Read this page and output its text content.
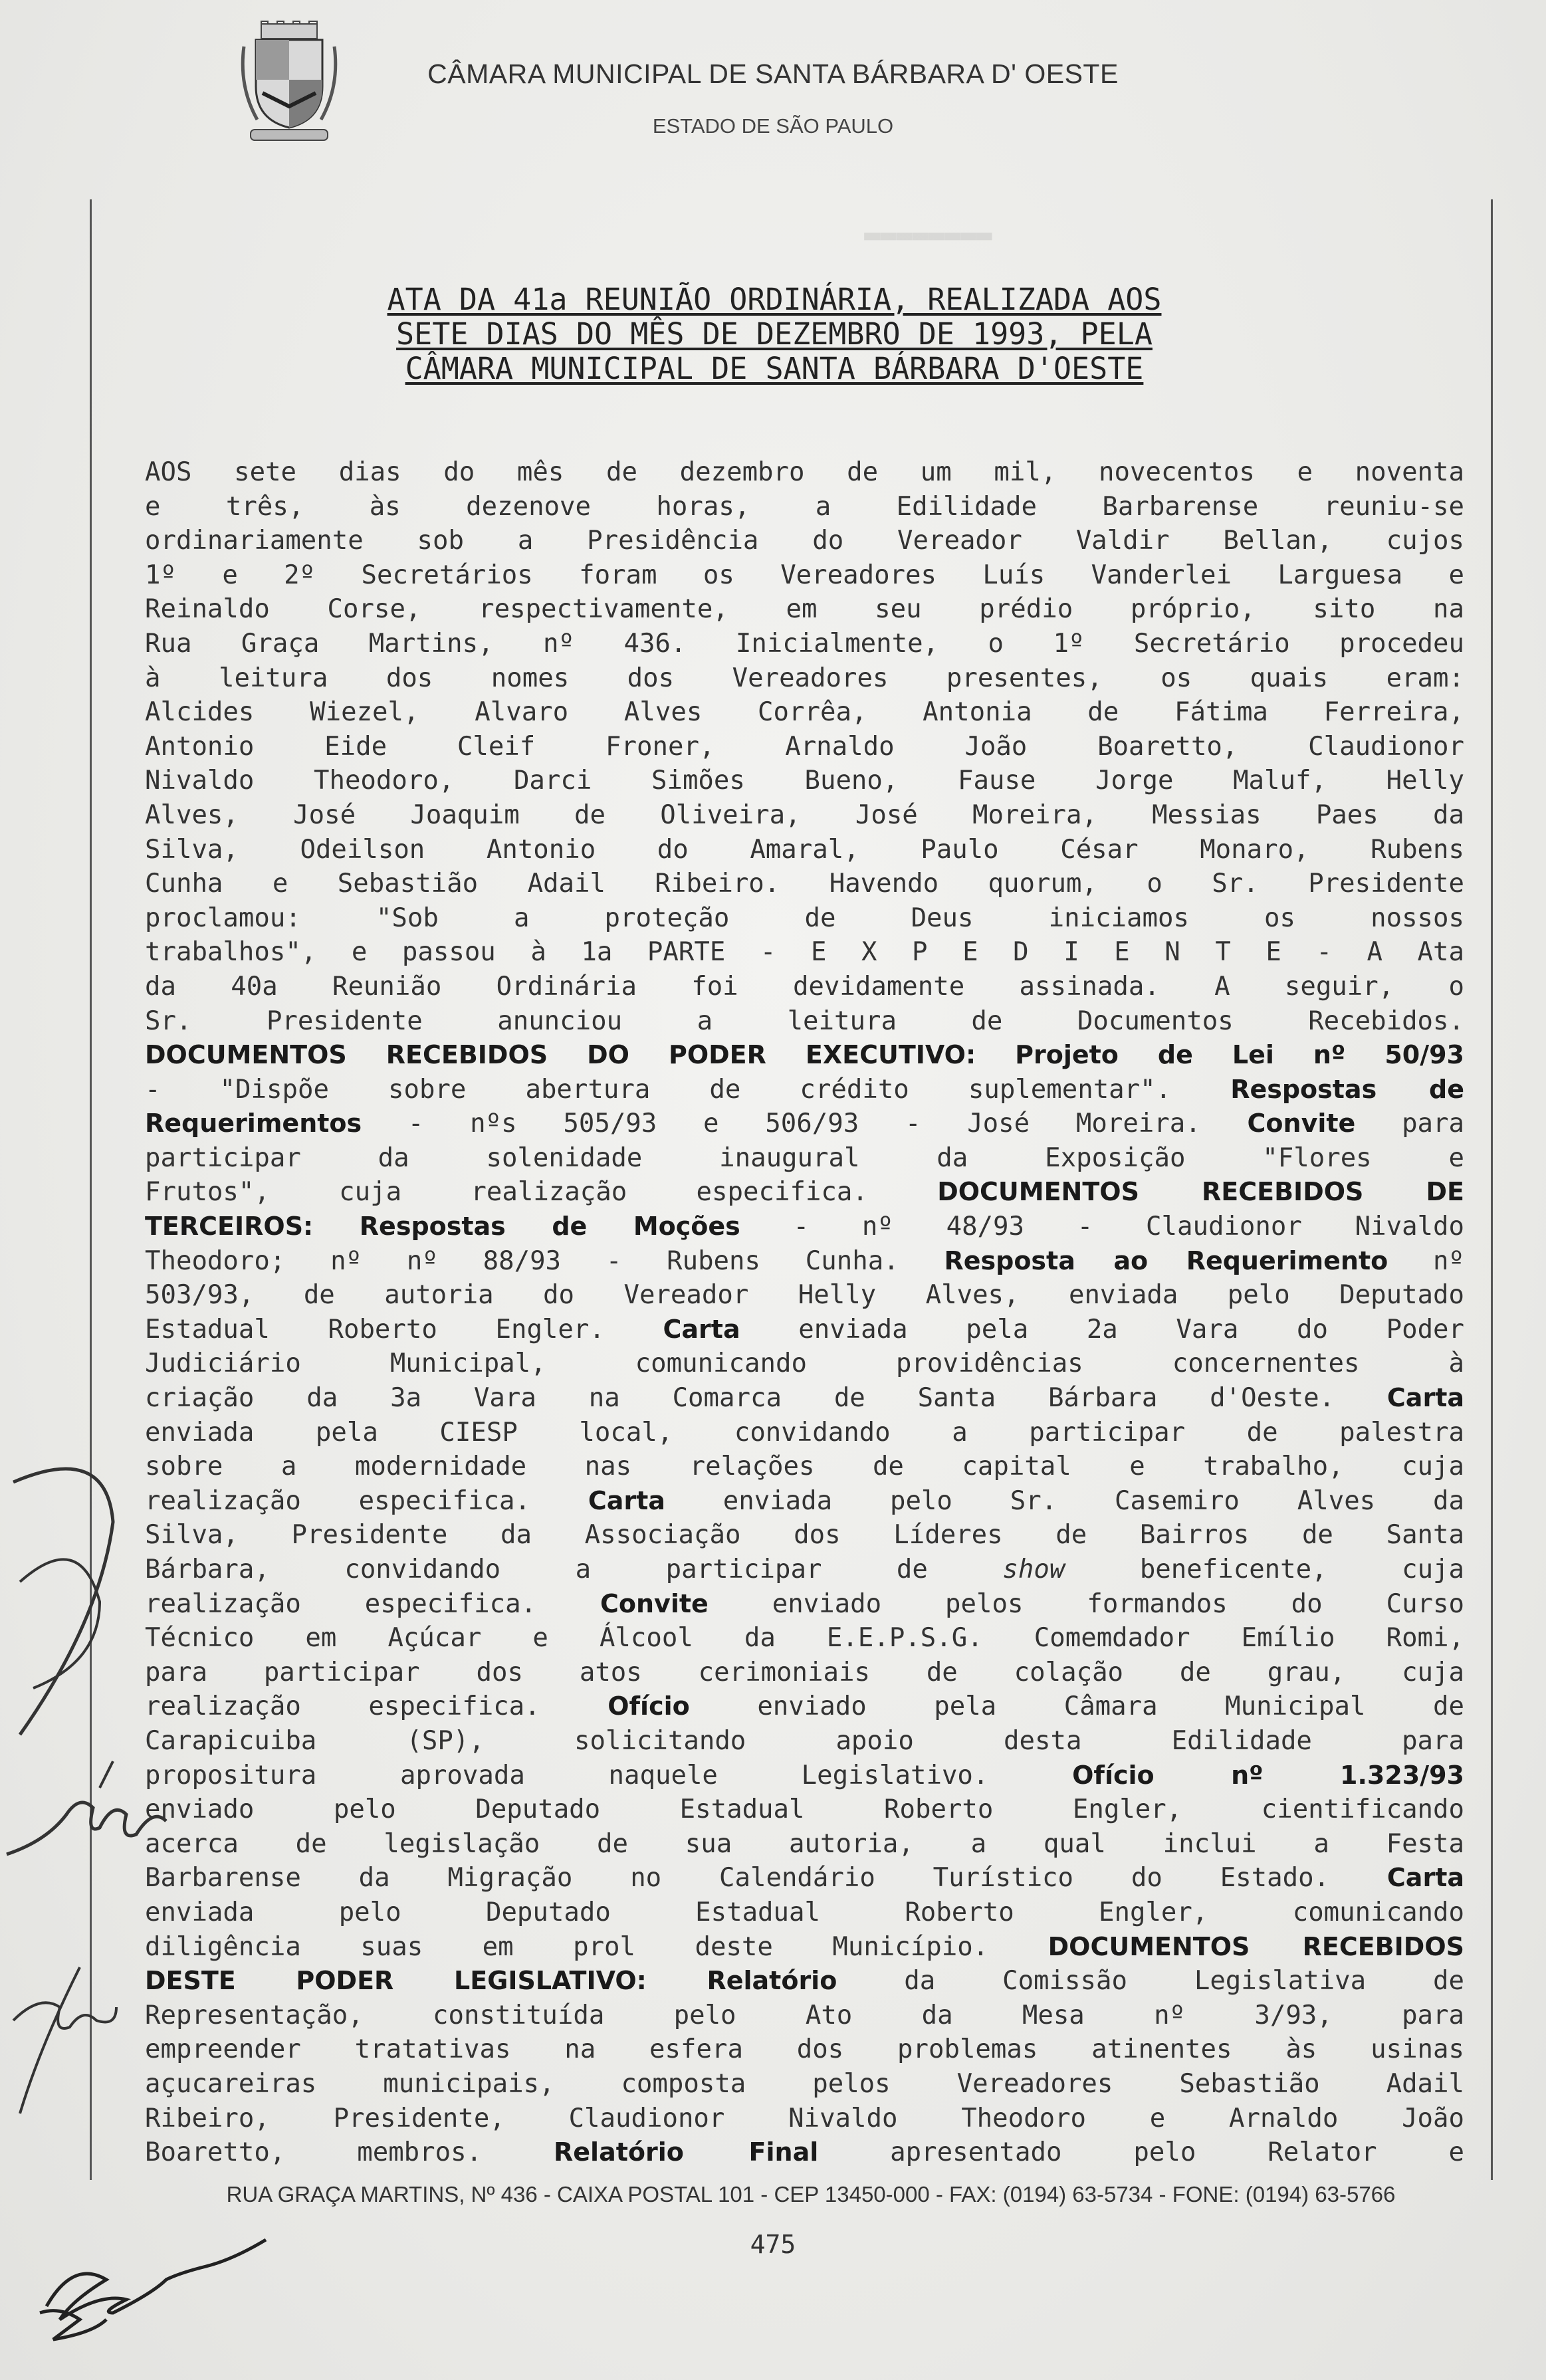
▬▬▬▬▬▬▬▬
CÂMARA MUNICIPAL DE SANTA BÁRBARA D' OESTE
ESTADO DE SÃO PAULO
ATA DA 41a REUNIÃO ORDINÁRIA, REALIZADA AOS
SETE DIAS DO MÊS DE DEZEMBRO DE 1993, PELA
CÂMARA MUNICIPAL DE SANTA BÁRBARA D'OESTE
AOS sete dias do mês de dezembro de um mil, novecentos e noventa
e três, às dezenove horas, a Edilidade Barbarense reuniu-se
ordinariamente sob a Presidência do Vereador Valdir Bellan, cujos
1º e 2º Secretários foram os Vereadores Luís Vanderlei Larguesa e
Reinaldo Corse, respectivamente, em seu prédio próprio, sito na
Rua Graça Martins, nº 436. Inicialmente, o 1º Secretário procedeu
à leitura dos nomes dos Vereadores presentes, os quais eram:
Alcides Wiezel, Alvaro Alves Corrêa, Antonia de Fátima Ferreira,
Antonio Eide Cleif Froner, Arnaldo João Boaretto, Claudionor
Nivaldo Theodoro, Darci Simões Bueno, Fause Jorge Maluf, Helly
Alves, José Joaquim de Oliveira, José Moreira, Messias Paes da
Silva, Odeilson Antonio do Amaral, Paulo César Monaro, Rubens
Cunha e Sebastião Adail Ribeiro. Havendo quorum, o Sr. Presidente
proclamou: "Sob a proteção de Deus iniciamos os nossos
trabalhos", e passou à 1a PARTE - E X P E D I E N T E - A Ata
da 40a Reunião Ordinária foi devidamente assinada. A seguir, o
Sr. Presidente anunciou a leitura de Documentos Recebidos.
DOCUMENTOS RECEBIDOS DO PODER EXECUTIVO: Projeto de Lei nº 50/93
- "Dispõe sobre abertura de crédito suplementar". Respostas de
Requerimentos - nºs 505/93 e 506/93 - José Moreira. Convite para
participar da solenidade inaugural da Exposição "Flores e
Frutos", cuja realização especifica. DOCUMENTOS RECEBIDOS DE
TERCEIROS: Respostas de Moções - nº 48/93 - Claudionor Nivaldo
Theodoro; nº nº 88/93 - Rubens Cunha. Resposta ao Requerimento nº
503/93, de autoria do Vereador Helly Alves, enviada pelo Deputado
Estadual Roberto Engler. Carta enviada pela 2a Vara do Poder
Judiciário Municipal, comunicando providências concernentes à
criação da 3a Vara na Comarca de Santa Bárbara d'Oeste. Carta
enviada pela CIESP local, convidando a participar de palestra
sobre a modernidade nas relações de capital e trabalho, cuja
realização especifica. Carta enviada pelo Sr. Casemiro Alves da
Silva, Presidente da Associação dos Líderes de Bairros de Santa
Bárbara, convidando a participar de show beneficente, cuja
realização especifica. Convite enviado pelos formandos do Curso
Técnico em Açúcar e Álcool da E.E.P.S.G. Comemdador Emílio Romi,
para participar dos atos cerimoniais de colação de grau, cuja
realização especifica. Ofício enviado pela Câmara Municipal de
Carapicuiba (SP), solicitando apoio desta Edilidade para
propositura aprovada naquele Legislativo. Ofício nº 1.323/93
enviado pelo Deputado Estadual Roberto Engler, cientificando
acerca de legislação de sua autoria, a qual inclui a Festa
Barbarense da Migração no Calendário Turístico do Estado. Carta
enviada pelo Deputado Estadual Roberto Engler, comunicando
diligência suas em prol deste Município. DOCUMENTOS RECEBIDOS
DESTE PODER LEGISLATIVO: Relatório da Comissão Legislativa de
Representação, constituída pelo Ato da Mesa nº 3/93, para
empreender tratativas na esfera dos problemas atinentes às usinas
açucareiras municipais, composta pelos Vereadores Sebastião Adail
Ribeiro, Presidente, Claudionor Nivaldo Theodoro e Arnaldo João
Boaretto, membros. Relatório Final apresentado pelo Relator e
RUA GRAÇA MARTINS, Nº 436 - CAIXA POSTAL 101 - CEP 13450-000 - FAX: (0194) 63-5734 - FONE: (0194) 63-5766
475
